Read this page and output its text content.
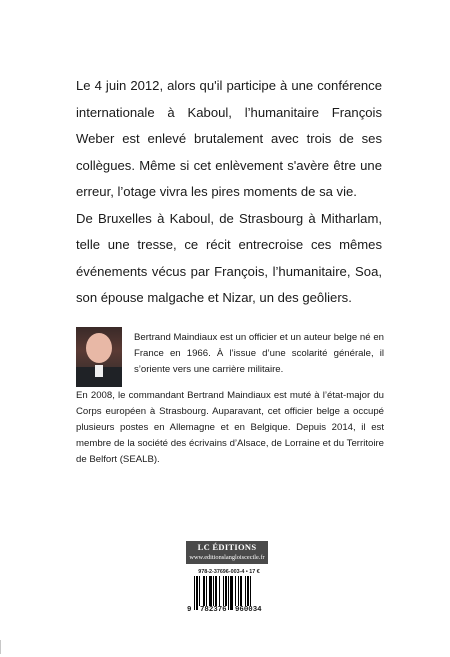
Le 4 juin 2012, alors qu'il participe à une conférence internationale à Kaboul, l’humanitaire François Weber est enlevé brutalement avec trois de ses collègues. Même si cet enlèvement s'avère être une erreur, l’otage vivra les pires moments de sa vie.

De Bruxelles à Kaboul, de Strasbourg à Mitharlam, telle une tresse, ce récit entrecroise ces mêmes événements vécus par François, l’humanitaire, Soa, son épouse malgache et Nizar, un des geôliers.

Bertrand Maindiaux est un officier et un auteur belge né en France en 1966. À l’issue d’une scolarité générale, il s’oriente vers une carrière militaire.

En 2008, le commandant Bertrand Maindiaux est muté à l’état-major du Corps européen à Strasbourg. Auparavant, cet officier belge a occupé plusieurs postes en Allemagne et en Belgique. Depuis 2014, il est membre de la société des écrivains d’Alsace, de Lorraine et du Territoire de Belfort (SEALB).

LC ÉDITIONS
www.editionslangloiscecile.fr
978-2-37696-003-4 • 17 €
9 782376 960034
